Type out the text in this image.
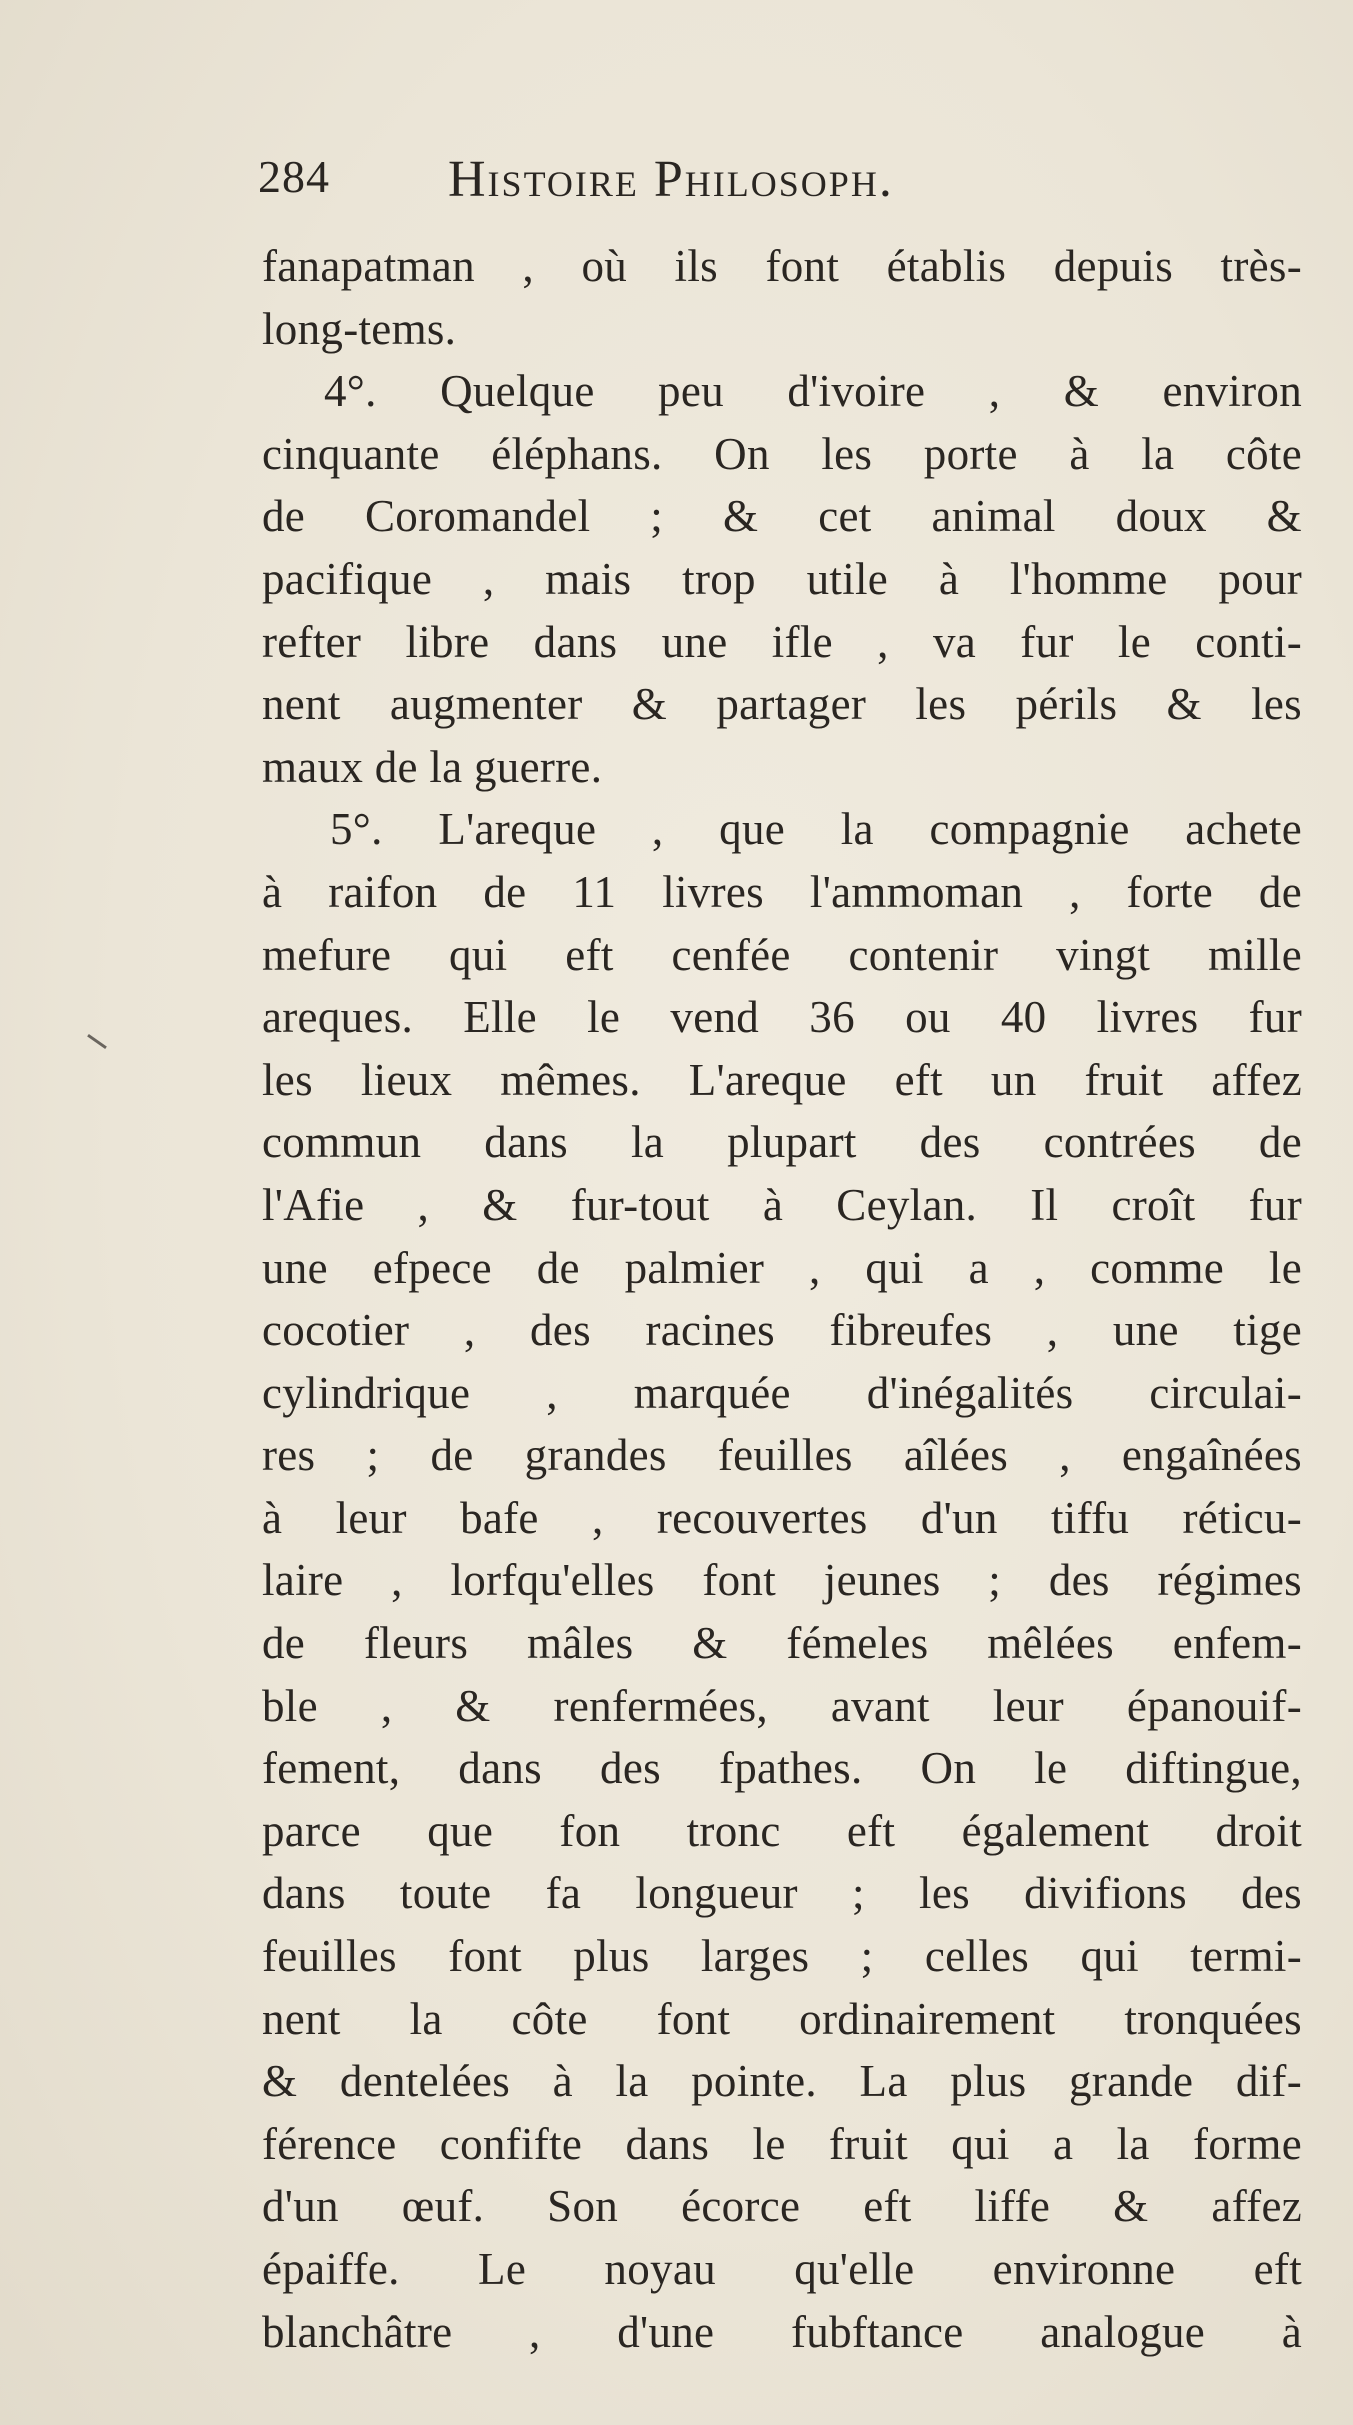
284 Histoire Philosoph.
fanapatman , où ils font établis depuis très-
long-tems.
4°. Quelque peu d'ivoire , & environ
cinquante éléphans. On les porte à la côte
de Coromandel ; & cet animal doux &
pacifique , mais trop utile à l'homme pour
refter libre dans une ifle , va fur le conti-
nent augmenter & partager les périls & les
maux de la guerre.
5°. L'areque , que la compagnie achete
à raifon de 11 livres l'ammoman , forte de
mefure qui eft cenfée contenir vingt mille
areques. Elle le vend 36 ou 40 livres fur
les lieux mêmes. L'areque eft un fruit affez
commun dans la plupart des contrées de
l'Afie , & fur-tout à Ceylan. Il croît fur
une efpece de palmier , qui a , comme le
cocotier , des racines fibreufes , une tige
cylindrique , marquée d'inégalités circulai-
res ; de grandes feuilles aîlées , engaînées
à leur bafe , recouvertes d'un tiffu réticu-
laire , lorfqu'elles font jeunes ; des régimes
de fleurs mâles & fémeles mêlées enfem-
ble , & renfermées, avant leur épanouif-
fement, dans des fpathes. On le diftingue,
parce que fon tronc eft également droit
dans toute fa longueur ; les divifions des
feuilles font plus larges ; celles qui termi-
nent la côte font ordinairement tronquées
& dentelées à la pointe. La plus grande dif-
férence confifte dans le fruit qui a la forme
d'un œuf. Son écorce eft liffe & affez
épaiffe. Le noyau qu'elle environne eft
blanchâtre , d'une fubftance analogue à
